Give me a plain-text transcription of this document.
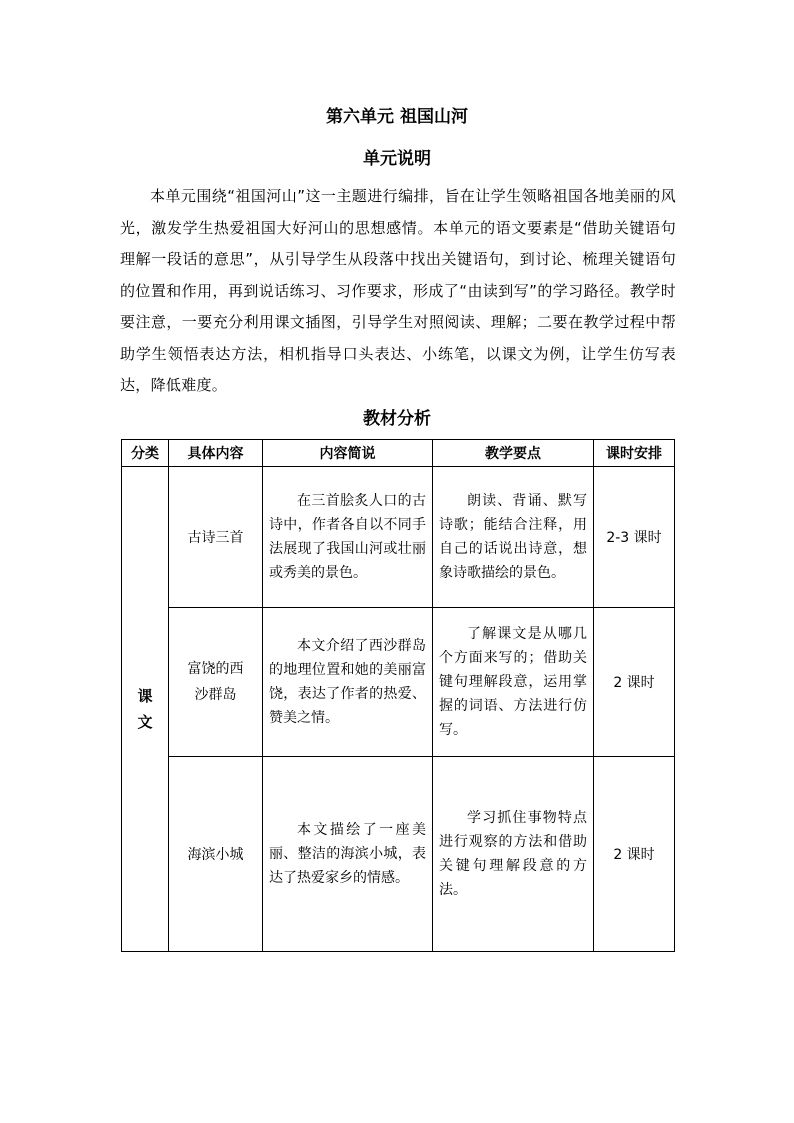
第六单元 祖国山河
单元说明
本单元围绕“祖国河山”这一主题进行编排，旨在让学生领略祖国各地美丽的风光，激发学生热爱祖国大好河山的思想感情。本单元的语文要素是“借助关键语句理解一段话的意思”，从引导学生从段落中找出关键语句，到讨论、梳理关键语句的位置和作用，再到说话练习、习作要求，形成了“由读到写”的学习路径。教学时要注意，一要充分利用课文插图，引导学生对照阅读、理解；二要在教学过程中帮助学生领悟表达方法，相机指导口头表达、小练笔，以课文为例，让学生仿写表达，降低难度。
教材分析
分类	具体内容	内容简说	教学要点	课时安排
课文	古诗三首	在三首脍炙人口的古诗中，作者各自以不同手法展现了我国山河或壮丽或秀美的景色。	朗读、背诵、默写诗歌；能结合注释，用自己的话说出诗意，想象诗歌描绘的景色。	2-3 课时
	富饶的西沙群岛	本文介绍了西沙群岛的地理位置和她的美丽富饶，表达了作者的热爱、赞美之情。	了解课文是从哪几个方面来写的；借助关键句理解段意，运用掌握的词语、方法进行仿写。	2 课时
	海滨小城	本文描绘了一座美丽、整洁的海滨小城，表达了热爱家乡的情感。	学习抓住事物特点进行观察的方法和借助关键句理解段意的方法。	2 课时
